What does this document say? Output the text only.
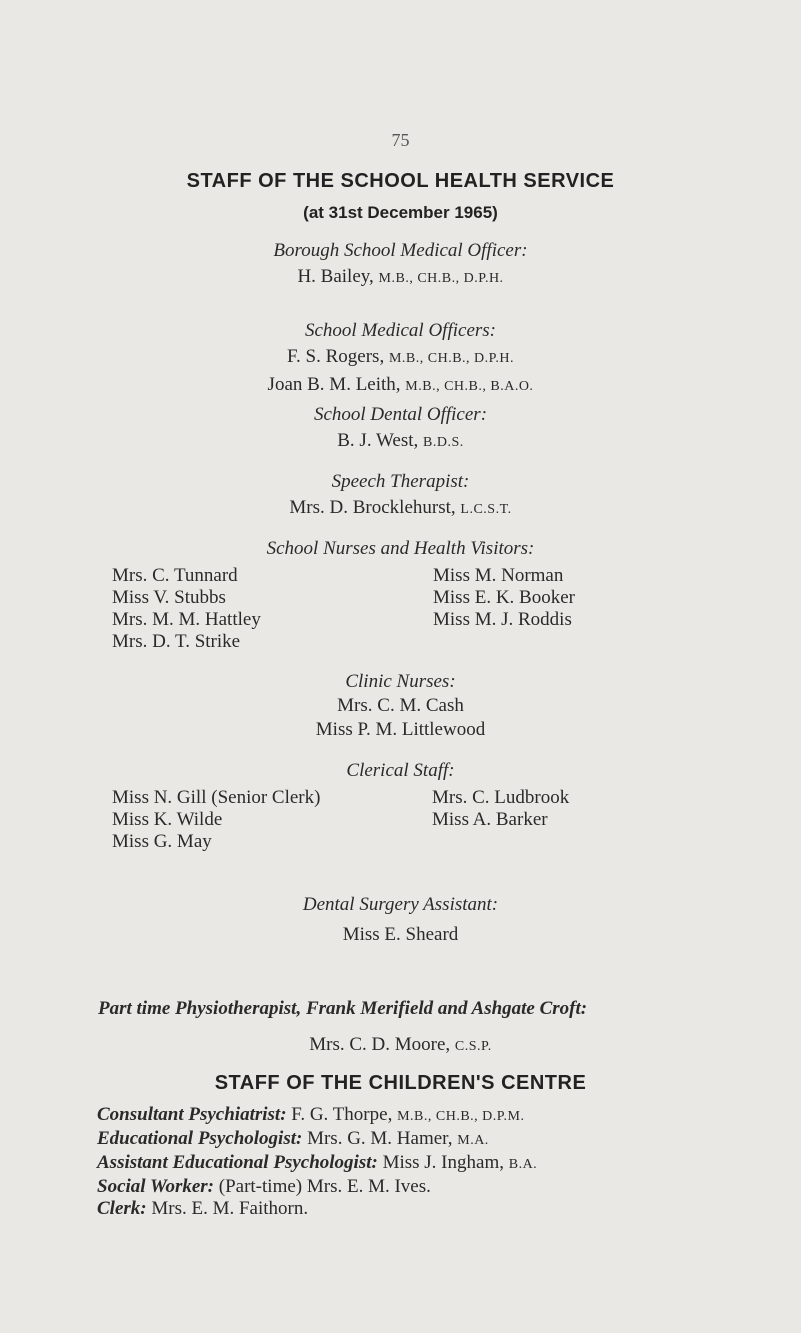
75
STAFF OF THE SCHOOL HEALTH SERVICE
(at 31st December 1965)
Borough School Medical Officer:
H. Bailey, M.B., CH.B., D.P.H.
School Medical Officers:
F. S. Rogers, M.B., CH.B., D.P.H.
Joan B. M. Leith, M.B., CH.B., B.A.O.
School Dental Officer:
B. J. West, B.D.S.
Speech Therapist:
Mrs. D. Brocklehurst, L.C.S.T.
School Nurses and Health Visitors:
Mrs. C. Tunnard
Miss V. Stubbs
Mrs. M. M. Hattley
Mrs. D. T. Strike
Miss M. Norman
Miss E. K. Booker
Miss M. J. Roddis
Clinic Nurses:
Mrs. C. M. Cash
Miss P. M. Littlewood
Clerical Staff:
Miss N. Gill (Senior Clerk)
Miss K. Wilde
Miss G. May
Mrs. C. Ludbrook
Miss A. Barker
Dental Surgery Assistant:
Miss E. Sheard
Part time Physiotherapist, Frank Merifield and Ashgate Croft:
Mrs. C. D. Moore, C.S.P.
STAFF OF THE CHILDREN'S CENTRE
Consultant Psychiatrist: F. G. Thorpe, M.B., CH.B., D.P.M.
Educational Psychologist: Mrs. G. M. Hamer, M.A.
Assistant Educational Psychologist: Miss J. Ingham, B.A.
Social Worker: (Part-time) Mrs. E. M. Ives.
Clerk: Mrs. E. M. Faithorn.
